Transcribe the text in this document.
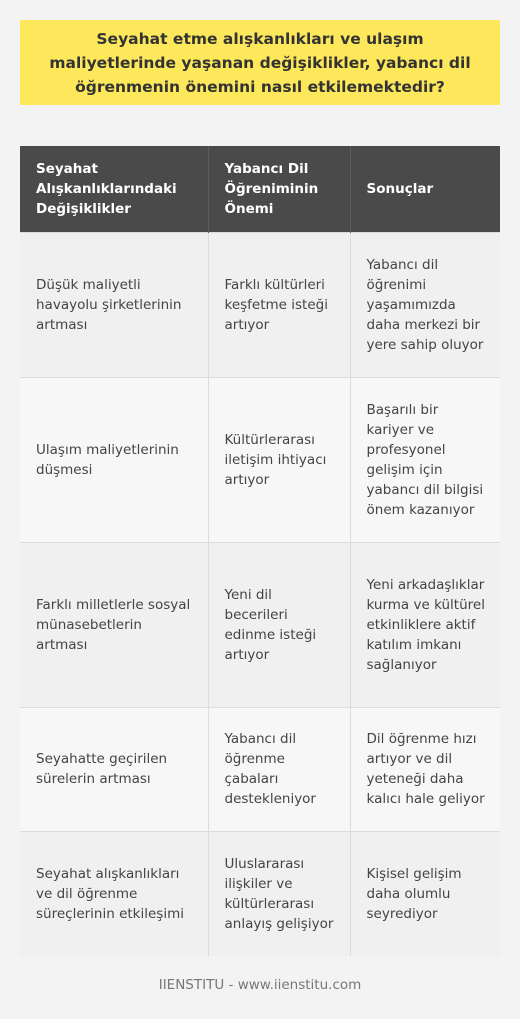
Seyahat etme alışkanlıkları ve ulaşım maliyetlerinde yaşanan değişiklikler, yabancı dil öğrenmenin önemini nasıl etkilemektedir?
Seyahat Alışkanlıklarındaki Değişiklikler	Yabancı Dil Öğreniminin Önemi	Sonuçlar
Düşük maliyetli havayolu şirketlerinin artması	Farklı kültürleri keşfetme isteği artıyor	Yabancı dil öğrenimi yaşamımızda daha merkezi bir yere sahip oluyor
Ulaşım maliyetlerinin düşmesi	Kültürlerarası iletişim ihtiyacı artıyor	Başarılı bir kariyer ve profesyonel gelişim için yabancı dil bilgisi önem kazanıyor
Farklı milletlerle sosyal münasebetlerin artması	Yeni dil becerileri edinme isteği artıyor	Yeni arkadaşlıklar kurma ve kültürel etkinliklere aktif katılım imkanı sağlanıyor
Seyahatte geçirilen sürelerin artması	Yabancı dil öğrenme çabaları destekleniyor	Dil öğrenme hızı artıyor ve dil yeteneği daha kalıcı hale geliyor
Seyahat alışkanlıkları ve dil öğrenme süreçlerinin etkileşimi	Uluslararası ilişkiler ve kültürlerarası anlayış gelişiyor	Kişisel gelişim daha olumlu seyrediyor
IIENSTITU - www.iienstitu.com
